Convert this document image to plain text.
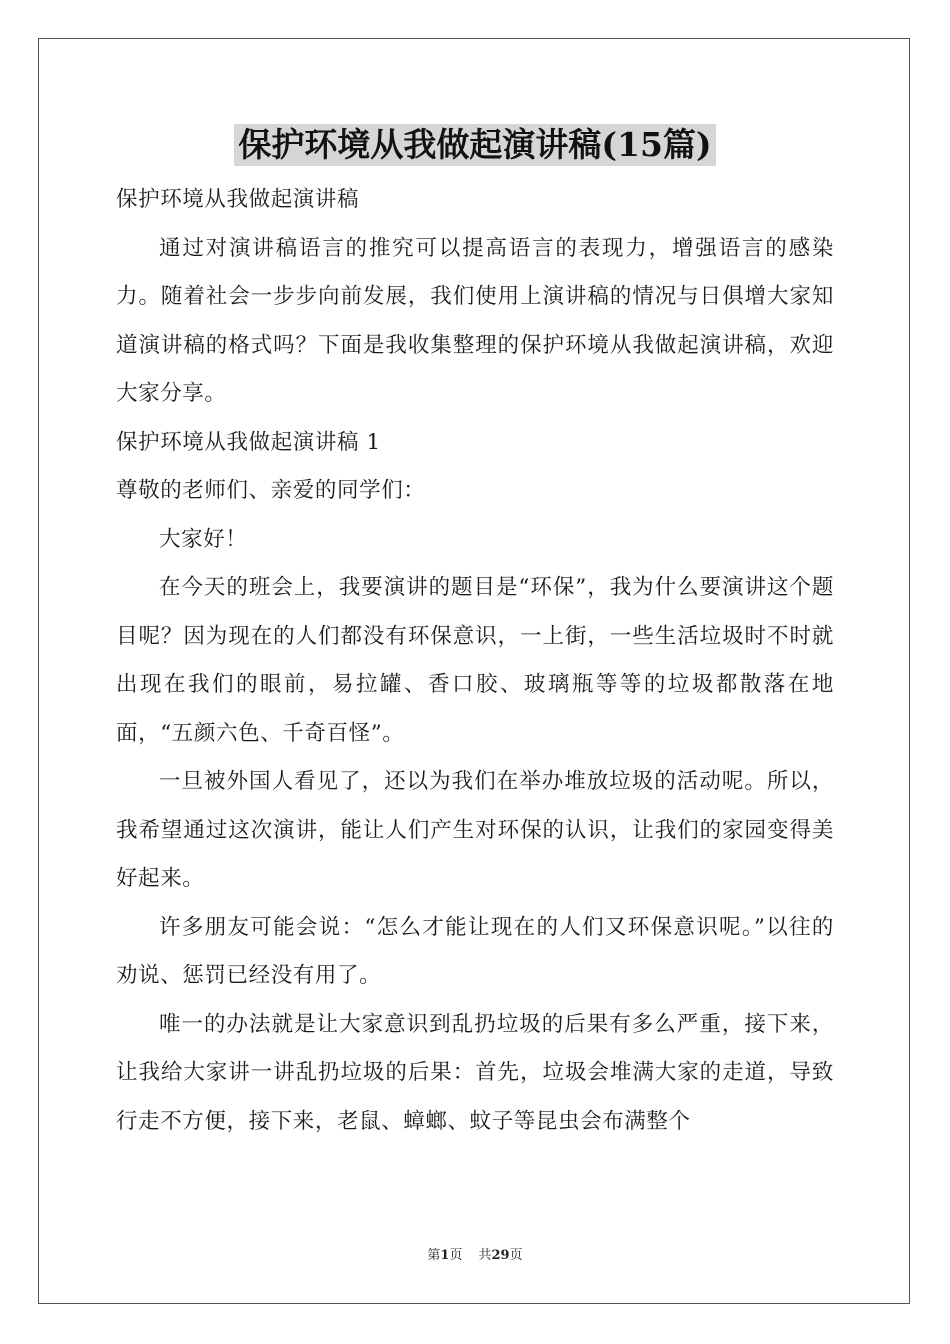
保护环境从我做起演讲稿(15篇)

保护环境从我做起演讲稿

通过对演讲稿语言的推究可以提高语言的表现力，增强语言的感染力。随着社会一步步向前发展，我们使用上演讲稿的情况与日俱增大家知道演讲稿的格式吗？下面是我收集整理的保护环境从我做起演讲稿，欢迎大家分享。

保护环境从我做起演讲稿 1

尊敬的老师们、亲爱的同学们：

大家好！

在今天的班会上，我要演讲的题目是“环保”，我为什么要演讲这个题目呢？因为现在的人们都没有环保意识，一上街，一些生活垃圾时不时就出现在我们的眼前，易拉罐、香口胶、玻璃瓶等等的垃圾都散落在地面，“五颜六色、千奇百怪”。

一旦被外国人看见了，还以为我们在举办堆放垃圾的活动呢。所以，我希望通过这次演讲，能让人们产生对环保的认识，让我们的家园变得美好起来。

许多朋友可能会说：“怎么才能让现在的人们又环保意识呢。”以往的劝说、惩罚已经没有用了。

唯一的办法就是让大家意识到乱扔垃圾的后果有多么严重，接下来，让我给大家讲一讲乱扔垃圾的后果：首先，垃圾会堆满大家的走道，导致行走不方便，接下来，老鼠、蟑螂、蚊子等昆虫会布满整个

第1页 共29页
